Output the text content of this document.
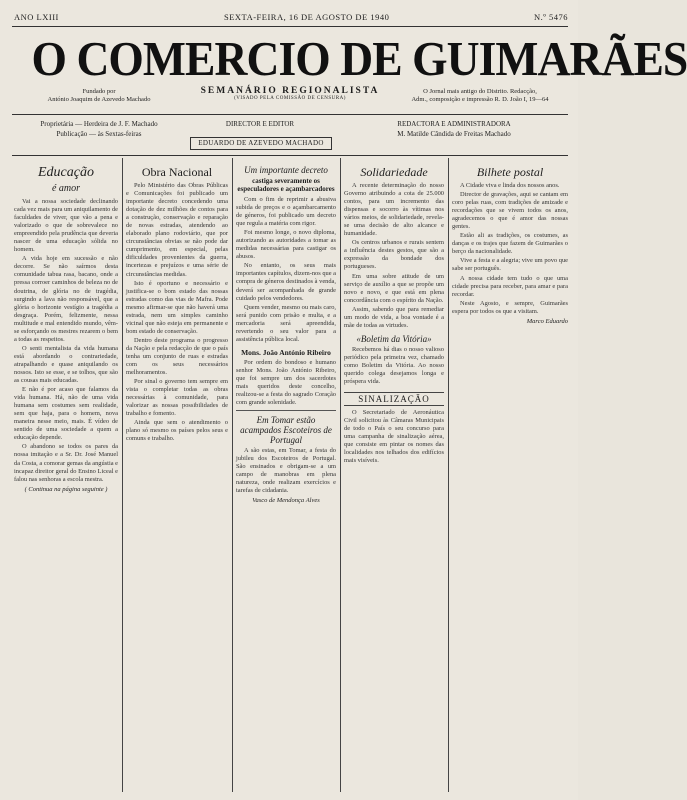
ANO LXIII	SEXTA-FEIRA, 16 DE AGOSTO DE 1940	N.º 5476
O COMERCIO DE GUIMARÃES
Fundado por
António Joaquim de Azevedo Machado
SEMANÁRIO REGIONALISTA
(VISADO PELA COMISSÃO DE CENSURA)
O Jornal mais antigo do Distrito. Redacção,
Adm., composição e impressão R. D. João I, 19—64
Proprietária — Herdeira de J. F. Machado
Publicação — às Sextas-feiras
DIRECTOR E EDITOR
EDUARDO DE AZEVEDO MACHADO
REDACTORA E ADMINISTRADORA
M. Matilde Cândida de Freitas Machado
Educação
é amor

Vai a nossa sociedade declinando cada vez mais para um aniquilamento de faculdades de viver, que vão a pena e valorizado o que de sobrevalece no empreendido pela prudência que deveria nascer de uma educação sólida no homem.

A vida hoje em sucessão e não decorre. Se não saírmos desta comunidade tabua rasa, bacano, onde a pressa corroer caminhos de beleza no de doutrina, de glória no de tragédia, surgindo a lava não responsável, que a glória o horizonte vestígio a tragédia a desgraça. Porém, felizmente, nessa multitude e mal entendido mundo, vêm-se esforçando os mestres rezarem o bem a todas as respeitos.

O senti mentalista da vida humana está abordando o contrariedade, atrapalhando e quase aniquilando os nossos. Isto se esse, e se tolhos, que são as cousas mais educadas.

E não é por acaso que falamos da vida humana. Há, não de uma vida humana sem costumes sem realidade, sem que haja, para o homem, nova maneira nesse meio, mais. É vídeo de sentido de uma sociedade a quem a educação depende.

O abandono se todos os pares da nossa imitação e a Sr. Dr. José Manuel da Costa, a comorar gemas da angústia e incapaz direitor geral do Ensino Liceal e falou nas senhoras a escola mestra.

( Continua na página seguinte )
Obra Nacional

Pelo Ministério das Obras Públicas e Comunicações foi publicado um importante decreto concedendo uma dotação de dez milhões de contos para a construção, conservação e reparação de novas estradas, atendendo ao elaborado plano rodoviário, que por circunstâncias obvias se não pode dar cumprimento, em especial, pelas dificuldades provenientes da guerra, incertezas e prejuízos e uma série de circunstâncias medidas.

Isto é oportuno e necessário e justifica-se o bom estado das nossas estradas como das vias de Mafra. Pode mesmo afirmar-se que não haverá uma estrada, nem um simples caminho vicinal que não esteja em permanente e bom estado de conservação.

Dentro deste programa o progresso da Nação e pela redacção de que o país tenha um conjunto de ruas e estradas com os seus necessários melhoramentos.

Por sinal o governo tem sempre em vista o completar todas as obras necessárias à comunidade, para valorizar as nossas possibilidades de trabalho e fomento.

Ainda que sem o atendimento o plano só mesmo os países pelos seus e comuns e trabalho.

Um importante decreto
castiga severamente os especuladores e açambarcadores

Com o fim de reprimir a abusiva subida de preços e o açambarcamento de géneros, foi publicado um decreto que regula a matéria com rigor.

Foi mesmo longe, o novo diploma, autorizando as autoridades a tomar as medidas necessárias para castigar os abusos.

No entanto, os seus mais importantes capítulos, dizem-nos que a compra de géneros destinados à venda, deverá ser acompanhada de grande cuidado pelos vendedores.

Quem vender, mesmo ou mais caro, será punido com prisão e multa, e a mercadoria será apreendida, revertendo o seu valor para a assistência pública local.

Mons. João António Ribeiro

Por ordem do bondoso e humano senhor Mons. João António Ribeiro, que foi sempre um dos sacerdotes mais queridos deste concelho, realizou-se a festa do sagrado Coração com grande solenidade.

Em Tomar estão acampados Escoteiros de Portugal

A são estas, em Tomar, a festa do jubileu dos Escoteiros de Portugal. São ensinados e obrigam-se a um campo de manobras em plena natureza, onde realizam exercícios e tarefas de cidadania.

Vasco de Mendonça Alves
Solidariedade

A recente determinação do nosso Governo atribuindo a cota de 25.000 contos, para um incremento das dispensas e socorro às vítimas nos vários meios, de solidariedade, revela-se uma decisão de alto alcance e humanidade.

Os centros urbanos e rurais sentem a influência destes gestos, que são a expressão da bondade dos portugueses.

Em uma sobre atitude de um serviço de auxílio a que se propõe um novo e novo, e que está em plena concordância com o espírito da Nação.

Assim, sabendo que para remediar um modo de vida, a boa vontade é a mãe de todas as virtudes.

«Boletim da Vitória»

Recebemos há dias o nosso valioso periódico pela primeira vez, chamado como Boletim da Vitória. Ao nosso querido colega desejamos longa e próspera vida.

SINALIZAÇÃO

O Secretariado de Aeronáutica Civil solicitou às Câmaras Municipais de todo o País o seu concurso para uma campanha de sinalização aérea, que consiste em pintar os nomes das localidades nos telhados dos edifícios mais visíveis.

Bilhete postal

A Cidade viva e linda dos nossos anos.

Director de gravações, aqui se cantam em coro pelas ruas, com tradições de amizade e recordações que se vivem todos os anos, agradecemos o que é amor das nossas gentes.

Estão ali as tradições, os costumes, as danças e os trajes que fazem de Guimarães o berço da nacionalidade.

Vive a festa e a alegria; vive um povo que sabe ser português.

A nossa cidade tem tudo o que uma cidade precisa para receber, para amar e para recordar.

Neste Agosto, e sempre, Guimarães espera por todos os que a visitam.

Marco Eduardo
